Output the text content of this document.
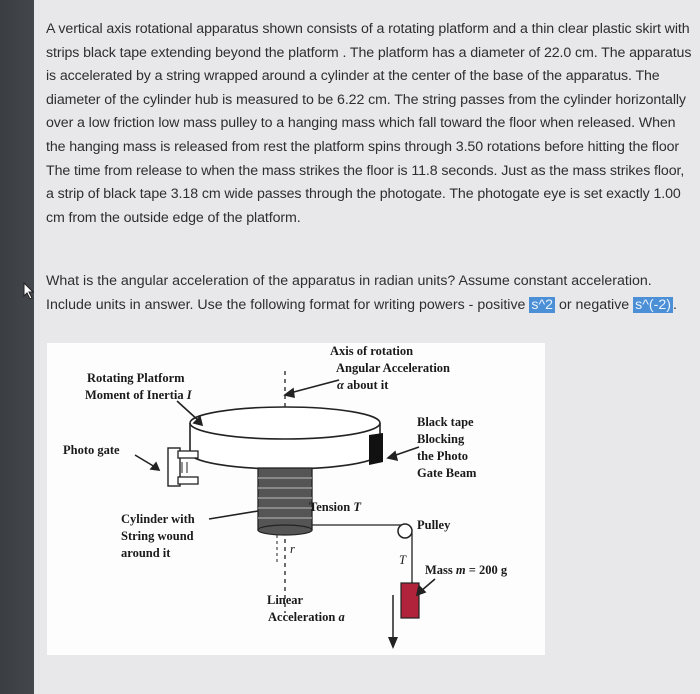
A vertical axis rotational apparatus shown consists of a rotating platform and a thin clear plastic skirt with strips black tape extending beyond the platform . The platform has a diameter of 22.0 cm. The apparatus is accelerated by a string wrapped around a cylinder at the center of the base of the apparatus. The diameter of the cylinder hub is measured to be 6.22 cm. The string passes from the cylinder horizontally over a low friction low mass pulley to a hanging mass which fall toward the floor when released. When the hanging mass is released from rest the platform spins through 3.50 rotations before hitting the floor The time from release to when the mass strikes the floor is 11.8 seconds. Just as the mass strikes floor, a strip of black tape 3.18 cm wide passes through the photogate. The photogate eye is set exactly 1.00 cm from the outside edge of the platform.

What is the angular acceleration of the apparatus in radian units? Assume constant acceleration. Include units in answer. Use the following format for writing powers - positive s^2 or negative s^(-2) .

Axis of rotation
Angular Acceleration
α about it
Rotating Platform
Moment of Inertia I
Black tape
Blocking
the Photo
Gate Beam
Photo gate
Tension T
Cylinder with
String wound
around it	r
Pulley
T
Mass m = 200 g
Linear
Acceleration a
